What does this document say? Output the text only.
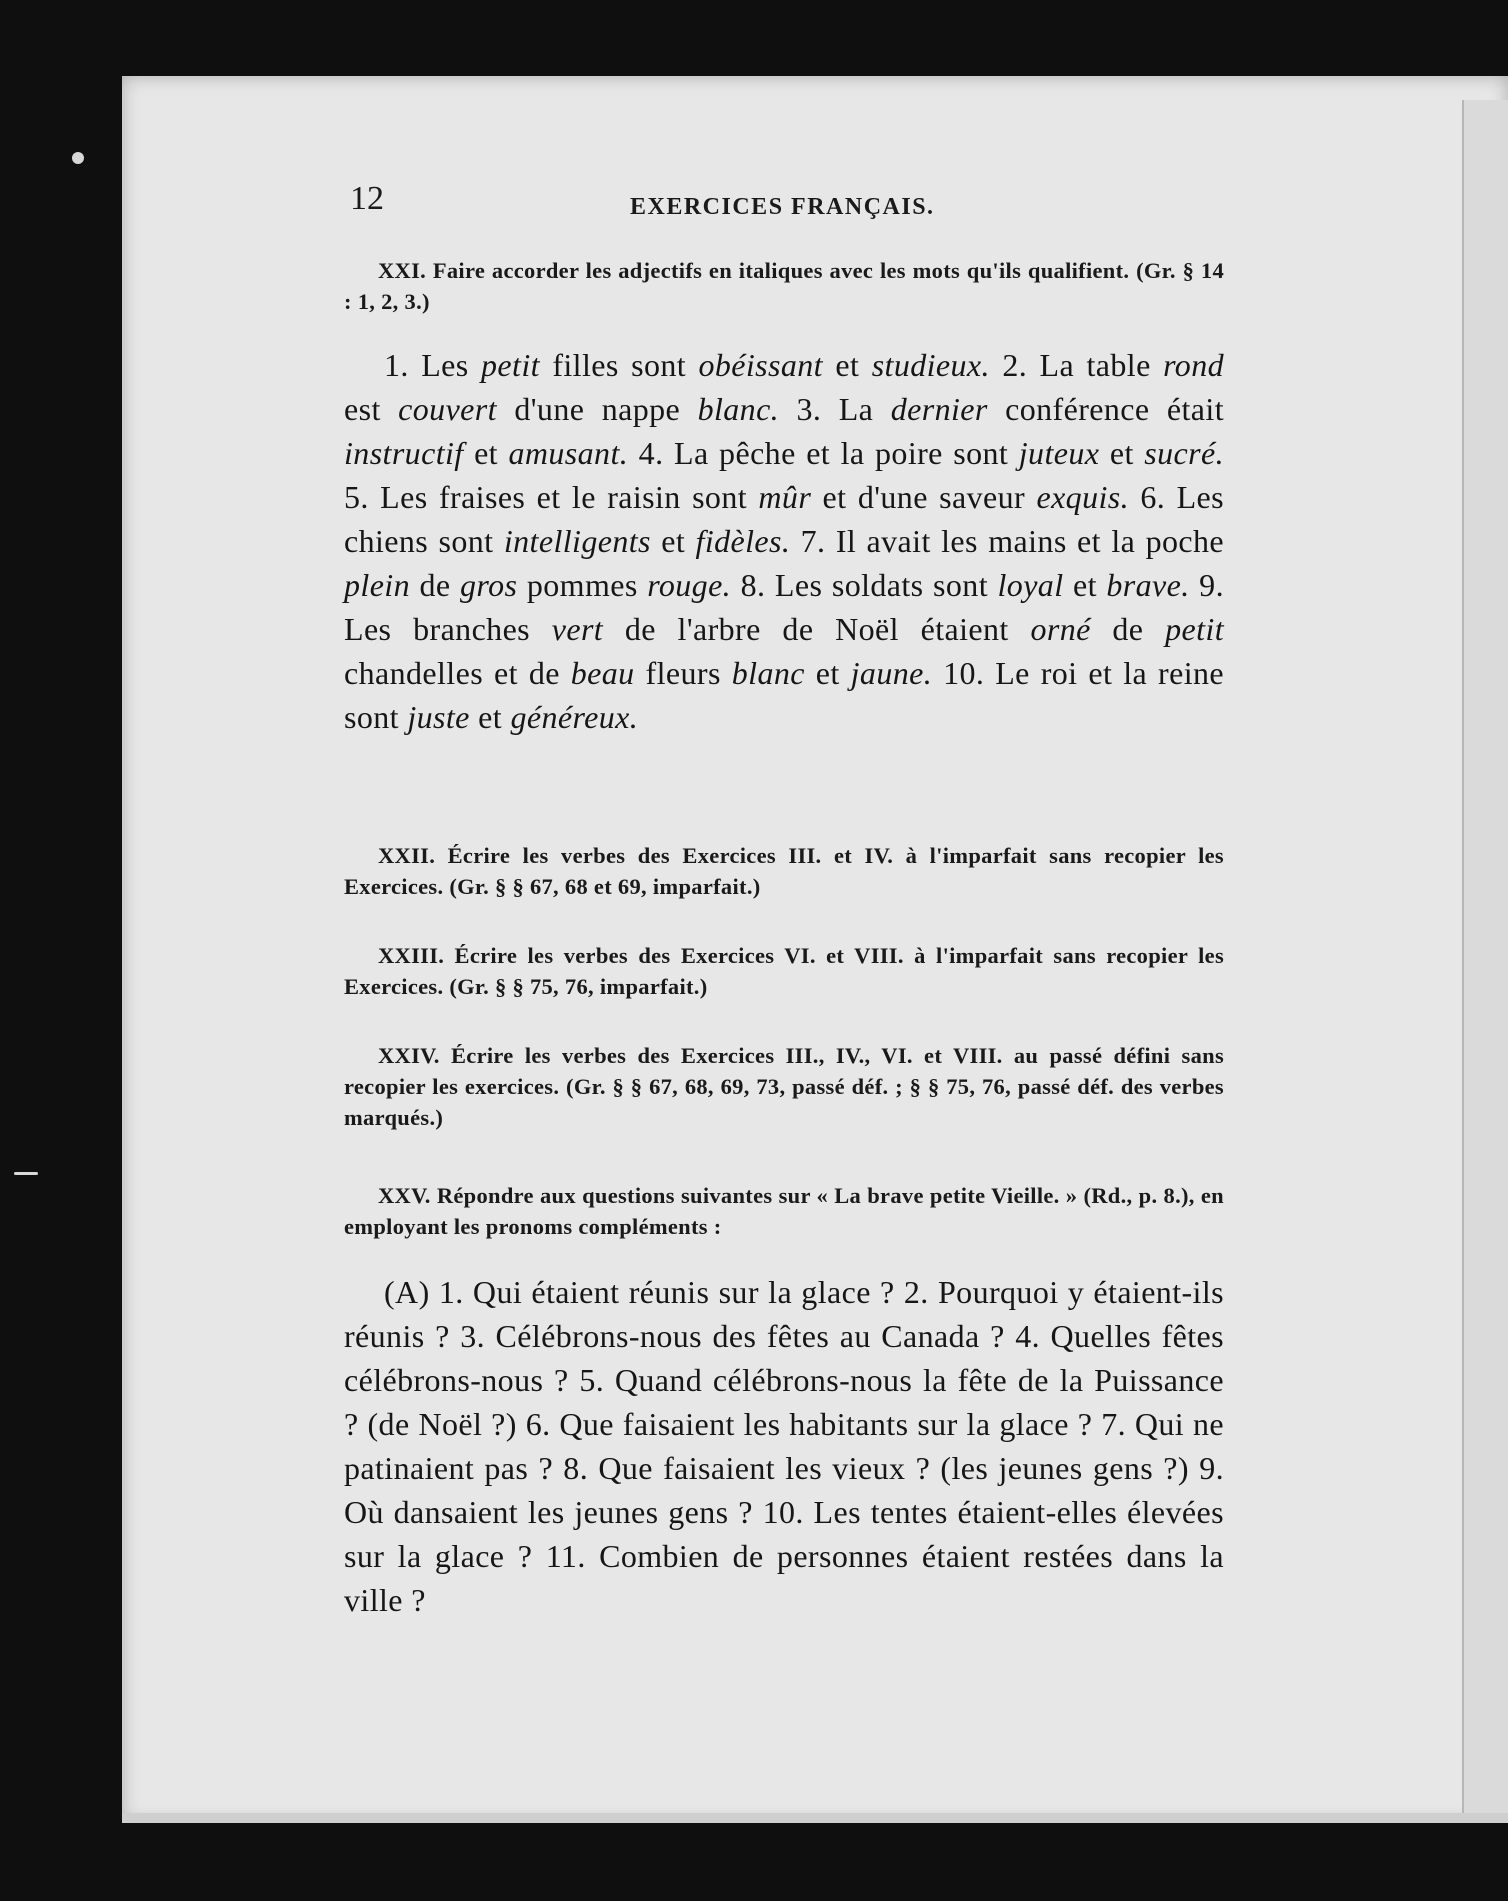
12	EXERCICES FRANÇAIS.
XXI. Faire accorder les adjectifs en italiques avec les mots qu'ils qualifient. (Gr. § 14 : 1, 2, 3.)
1. Les petit filles sont obéissant et studieux. 2. La table rond est couvert d'une nappe blanc. 3. La dernier conférence était instructif et amusant. 4. La pêche et la poire sont juteux et sucré. 5. Les fraises et le raisin sont mûr et d'une saveur exquis. 6. Les chiens sont intelligents et fidèles. 7. Il avait les mains et la poche plein de gros pommes rouge. 8. Les soldats sont loyal et brave. 9. Les branches vert de l'arbre de Noël étaient orné de petit chandelles et de beau fleurs blanc et jaune. 10. Le roi et la reine sont juste et généreux.
XXII. Écrire les verbes des Exercices III. et IV. à l'imparfait sans recopier les Exercices. (Gr. § § 67, 68 et 69, imparfait.)
XXIII. Écrire les verbes des Exercices VI. et VIII. à l'imparfait sans recopier les Exercices. (Gr. § § 75, 76, imparfait.)
XXIV. Écrire les verbes des Exercices III., IV., VI. et VIII. au passé défini sans recopier les exercices. (Gr. § § 67, 68, 69, 73, passé déf. ; § § 75, 76, passé déf. des verbes marqués.)
XXV. Répondre aux questions suivantes sur « La brave petite Vieille. » (Rd., p. 8.), en employant les pronoms compléments :
(A) 1. Qui étaient réunis sur la glace ? 2. Pourquoi y étaient-ils réunis ? 3. Célébrons-nous des fêtes au Canada ? 4. Quelles fêtes célébrons-nous ? 5. Quand célébrons-nous la fête de la Puissance ? (de Noël ?) 6. Que faisaient les habitants sur la glace ? 7. Qui ne patinaient pas ? 8. Que faisaient les vieux ? (les jeunes gens ?) 9. Où dansaient les jeunes gens ? 10. Les tentes étaient-elles élevées sur la glace ? 11. Combien de personnes étaient restées dans la ville ?
